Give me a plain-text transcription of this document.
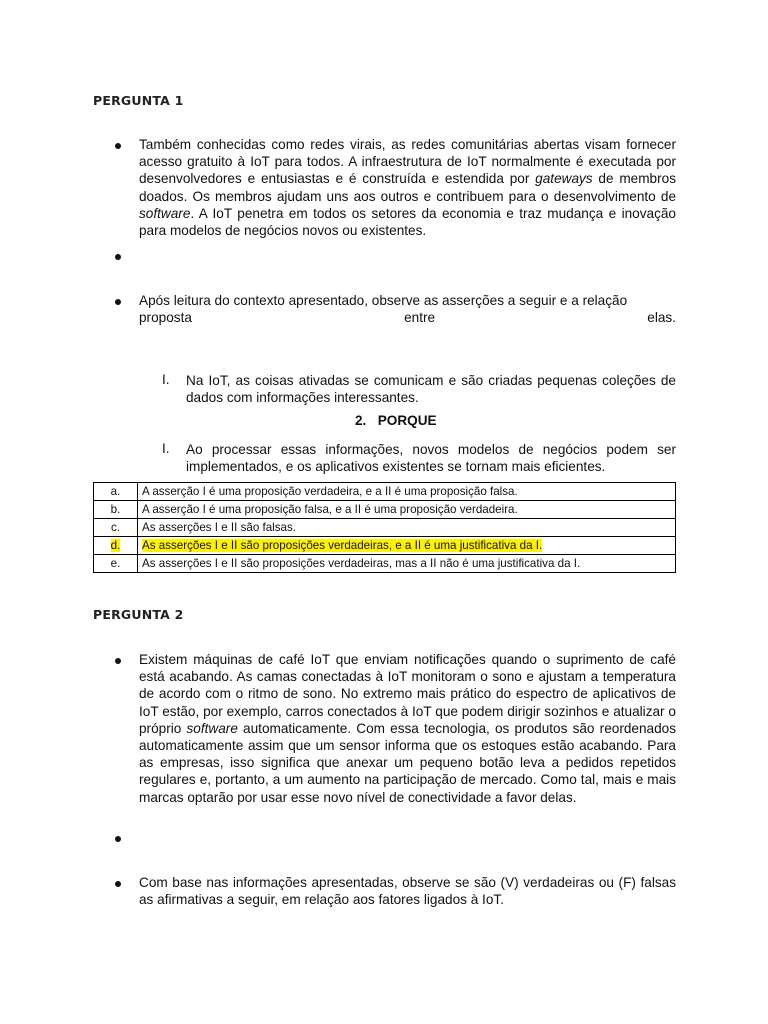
PERGUNTA 1

Também conhecidas como redes virais, as redes comunitárias abertas visam fornecer acesso gratuito à IoT para todos. A infraestrutura de IoT normalmente é executada por desenvolvedores e entusiastas e é construída e estendida por gateways de membros doados. Os membros ajudam uns aos outros e contribuem para o desenvolvimento de software. A IoT penetra em todos os setores da economia e traz mudança e inovação para modelos de negócios novos ou existentes.

Após leitura do contexto apresentado, observe as asserções a seguir e a relação
proposta	entre	elas.
I. Na IoT, as coisas ativadas se comunicam e são criadas pequenas coleções de dados com informações interessantes.

2. PORQUE
I. Ao processar essas informações, novos modelos de negócios podem ser implementados, e os aplicativos existentes se tornam mais eficientes.

a.	A asserção I é uma proposição verdadeira, e a II é uma proposição falsa.
b.	A asserção I é uma proposição falsa, e a II é uma proposição verdadeira.
c.	As asserções I e II são falsas.
d.	As asserções I e II são proposições verdadeiras, e a II é uma justificativa da I.
e.	As asserções I e II são proposições verdadeiras, mas a II não é uma justificativa da I.
PERGUNTA 2

Existem máquinas de café IoT que enviam notificações quando o suprimento de café está acabando. As camas conectadas à IoT monitoram o sono e ajustam a temperatura de acordo com o ritmo de sono. No extremo mais prático do espectro de aplicativos de IoT estão, por exemplo, carros conectados à IoT que podem dirigir sozinhos e atualizar o próprio software automaticamente. Com essa tecnologia, os produtos são reordenados automaticamente assim que um sensor informa que os estoques estão acabando. Para as empresas, isso significa que anexar um pequeno botão leva a pedidos repetidos regulares e, portanto, a um aumento na participação de mercado. Como tal, mais e mais marcas optarão por usar esse novo nível de conectividade a favor delas.

Com base nas informações apresentadas, observe se são (V) verdadeiras ou (F) falsas as afirmativas a seguir, em relação aos fatores ligados à IoT.
